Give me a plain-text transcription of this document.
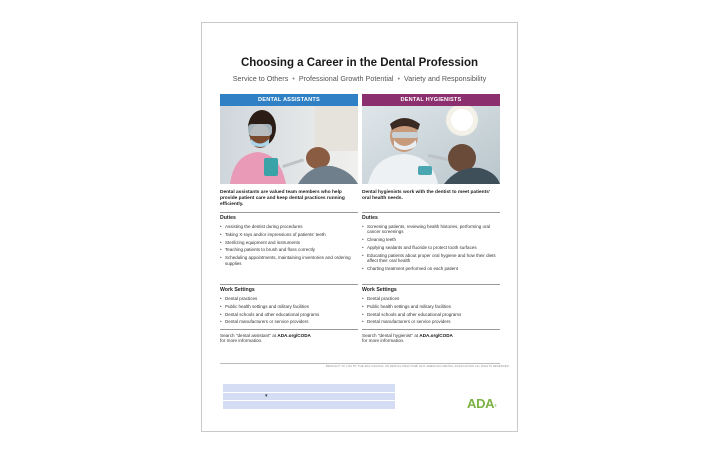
Choosing a Career in the Dental Profession
Service to Others • Professional Growth Potential • Variety and Responsibility
DENTAL ASSISTANTS
Dental assistants are valued team members who help provide patient care and keep dental practices running efficiently.
Duties
• Assisting the dentist during procedures
• Taking X-rays and/or impressions of patients' teeth
• Sterilizing equipment and instruments
• Teaching patients to brush and floss correctly
• Scheduling appointments, maintaining inventories and ordering supplies
Work Settings
• Dental practices
• Public health settings and military facilities
• Dental schools and other educational programs
• Dental manufacturers or service providers
Search "dental assistant" at ADA.org/CODA
for more information.
DENTAL HYGIENISTS
Dental hygienists work with the dentist to meet patients' oral health needs.
Duties
• Screening patients, reviewing health histories, performing oral cancer screenings
• Cleaning teeth
• Applying sealants and fluoride to protect tooth surfaces
• Educating patients about proper oral hygiene and how their diets affect their oral health
• Charting treatment performed on each patient
Work Settings
• Dental practices
• Public health settings and military facilities
• Dental schools and other educational programs
• Dental manufacturers or service providers
Search "dental hygienist" at ADA.org/CODA
for more information.
BROUGHT TO YOU BY THE ADA COUNCIL ON DENTAL PRACTICE
© 2021 AMERICAN DENTAL ASSOCIATION ALL RIGHTS RESERVED
▾
ADA®
